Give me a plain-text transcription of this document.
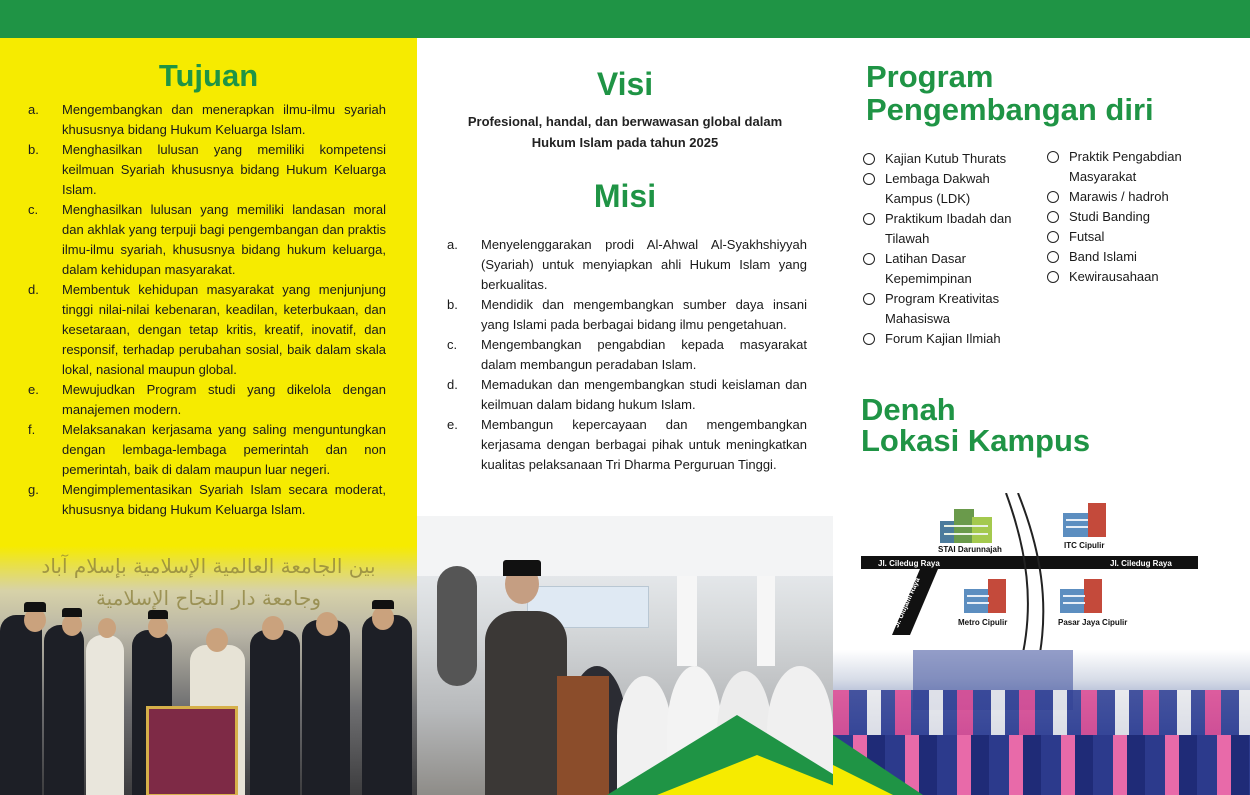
Tujuan
a.	Mengembangkan dan menerapkan ilmu-ilmu syariah khususnya bidang Hukum Keluarga Islam.
b.	Menghasilkan lulusan yang memiliki kompetensi keilmuan Syariah khususnya bidang Hukum Keluarga Islam.
c.	Menghasilkan lulusan yang memiliki landasan moral dan akhlak yang terpuji bagi pengembangan dan praktis ilmu-ilmu syariah, khususnya bidang hukum keluarga, dalam kehidupan masyarakat.
d.	Membentuk kehidupan masyarakat yang menjunjung tinggi nilai-nilai kebenaran, keadilan, keterbukaan, dan kesetaraan, dengan tetap kritis, kreatif, inovatif, dan responsif, terhadap perubahan sosial, baik dalam skala lokal, nasional maupun global.
e.	Mewujudkan Program studi yang dikelola dengan manajemen modern.
f.	Melaksanakan kerjasama yang saling menguntungkan dengan lembaga-lembaga pemerintah dan non pemerintah, baik di dalam maupun luar negeri.
g.	Mengimplementasikan Syariah Islam secara moderat, khususnya bidang Hukum Keluarga Islam.
بين الجامعة العالمية الإسلامية بإسلام آباد
وجامعة دار النجاح الإسلامية
Visi
Profesional, handal, dan berwawasan global dalam Hukum Islam pada tahun 2025
Misi
a.	Menyelenggarakan prodi Al-Ahwal Al-Syakhshiyyah (Syariah) untuk menyiapkan ahli Hukum Islam yang berkualitas.
b.	Mendidik dan mengembangkan sumber daya insani yang Islami pada berbagai bidang ilmu pengetahuan.
c.	Mengembangkan pengabdian kepada masyarakat dalam membangun peradaban Islam.
d.	Memadukan dan mengembangkan studi keislaman dan keilmuan dalam bidang hukum Islam.
e.	Membangun kepercayaan dan mengembangkan kerjasama dengan berbagai pihak untuk meningkatkan kualitas pelaksanaan Tri Dharma Perguruan Tinggi.
Program
Pengembangan diri
Kajian Kutub Thurats
Lembaga Dakwah Kampus (LDK)
Praktikum Ibadah dan Tilawah
Latihan Dasar Kepemimpinan
Program Kreativitas Mahasiswa
Forum Kajian Ilmiah
Praktik Pengabdian Masyarakat
Marawis / hadroh
Studi Banding
Futsal
Band Islami
Kewirausahaan
Denah
Lokasi Kampus
STAI Darunnajah	ITC Cipulir
Jl. Ciledug Raya	Jl. Ciledug Raya
Jl. Ulujami Raya	Metro Cipulir	Pasar Jaya Cipulir
